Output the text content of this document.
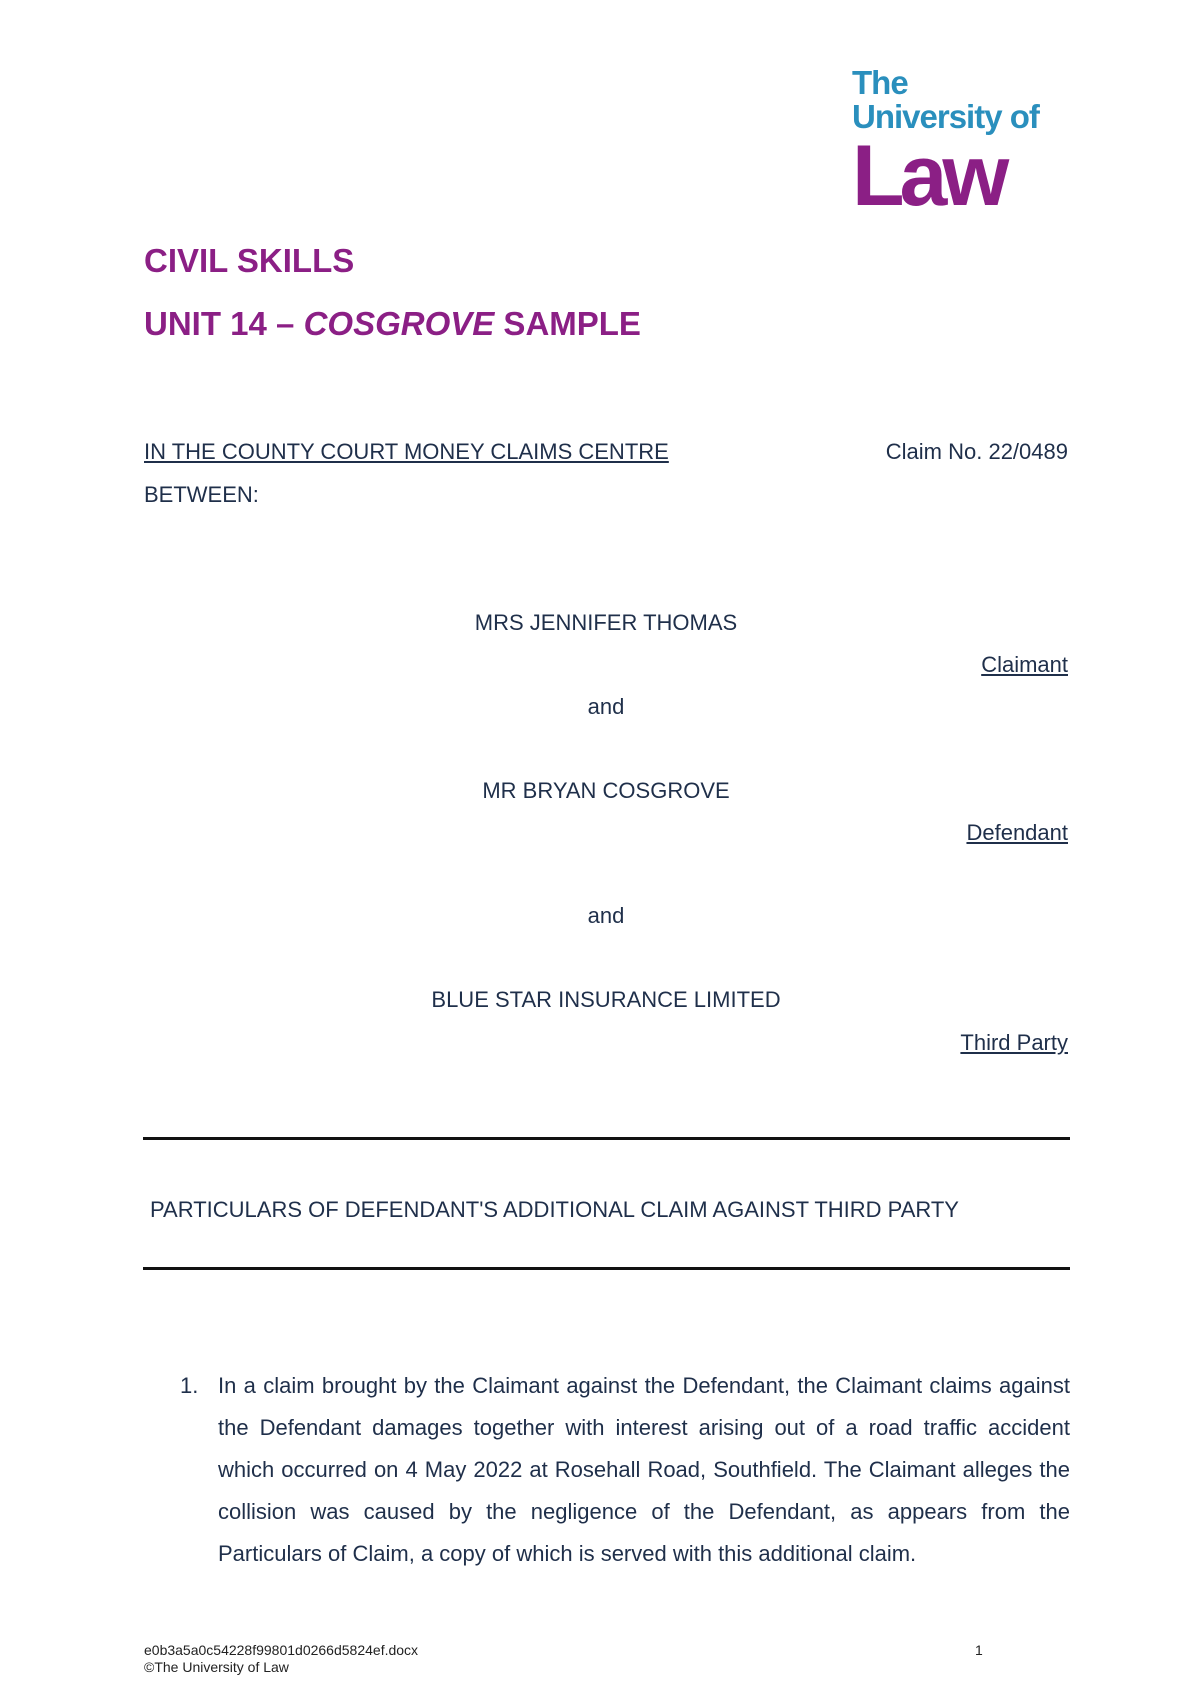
The
University of
Law
CIVIL SKILLS
UNIT 14 – COSGROVE SAMPLE
IN THE COUNTY COURT MONEY CLAIMS CENTRE	Claim No. 22/0489
BETWEEN:
MRS JENNIFER THOMAS
Claimant
and
MR BRYAN COSGROVE
Defendant
and
BLUE STAR INSURANCE LIMITED
Third Party
PARTICULARS OF DEFENDANT'S ADDITIONAL CLAIM AGAINST THIRD PARTY
1. In a claim brought by the Claimant against the Defendant, the Claimant claims against the Defendant damages together with interest arising out of a road traffic accident which occurred on 4 May 2022 at Rosehall Road, Southfield. The Claimant alleges the collision was caused by the negligence of the Defendant, as appears from the Particulars of Claim, a copy of which is served with this additional claim.
e0b3a5a0c54228f99801d0266d5824ef.docx
©The University of Law
1
